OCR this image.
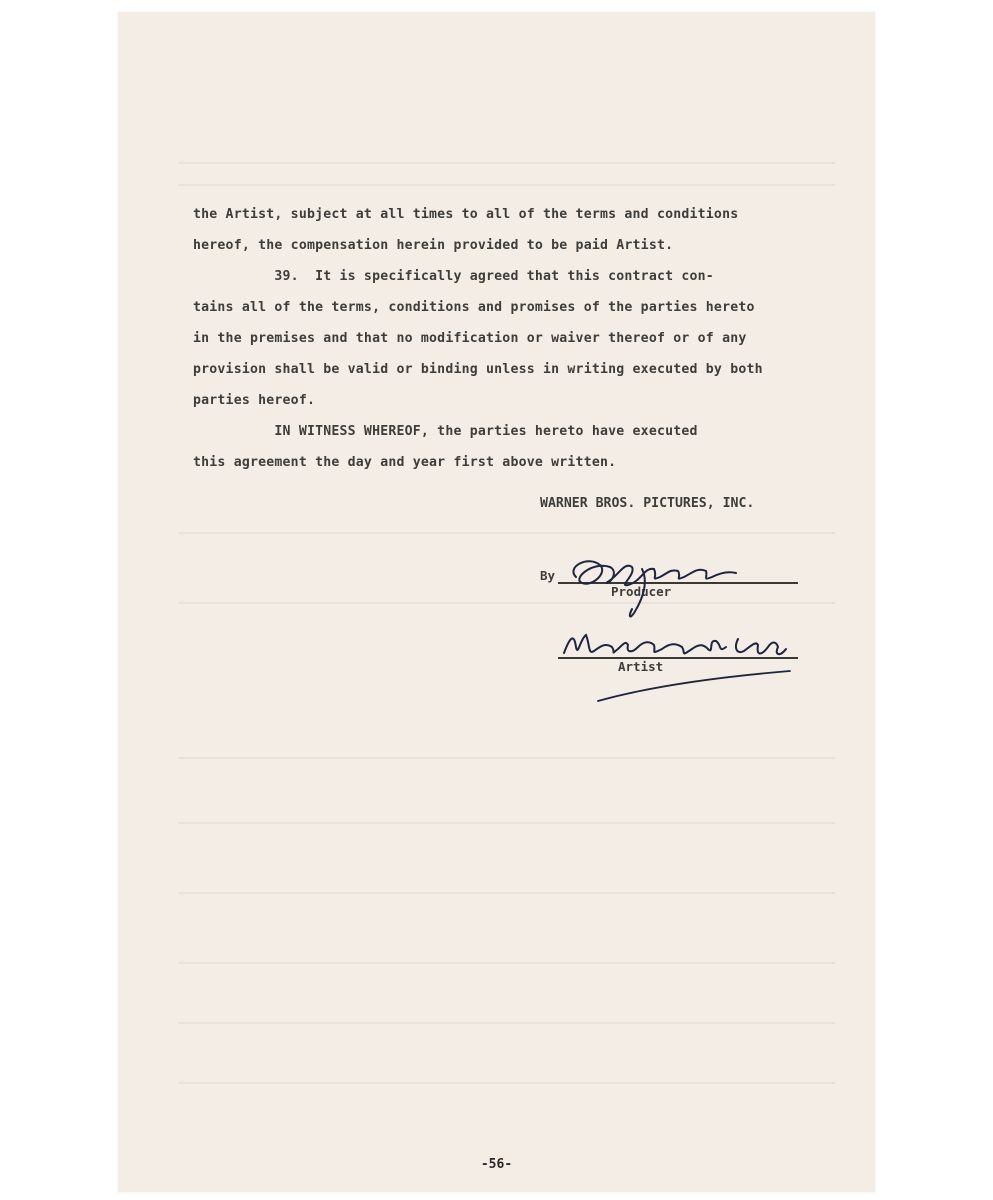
the Artist, subject at all times to all of the terms and conditions
hereof, the compensation herein provided to be paid Artist.
39.  It is specifically agreed that this contract con-
tains all of the terms, conditions and promises of the parties hereto
in the premises and that no modification or waiver thereof or of any
provision shall be valid or binding unless in writing executed by both
parties hereof.
IN WITNESS WHEREOF, the parties hereto have executed
this agreement the day and year first above written.
WARNER BROS. PICTURES, INC.
By
Producer
Artist
-56-
